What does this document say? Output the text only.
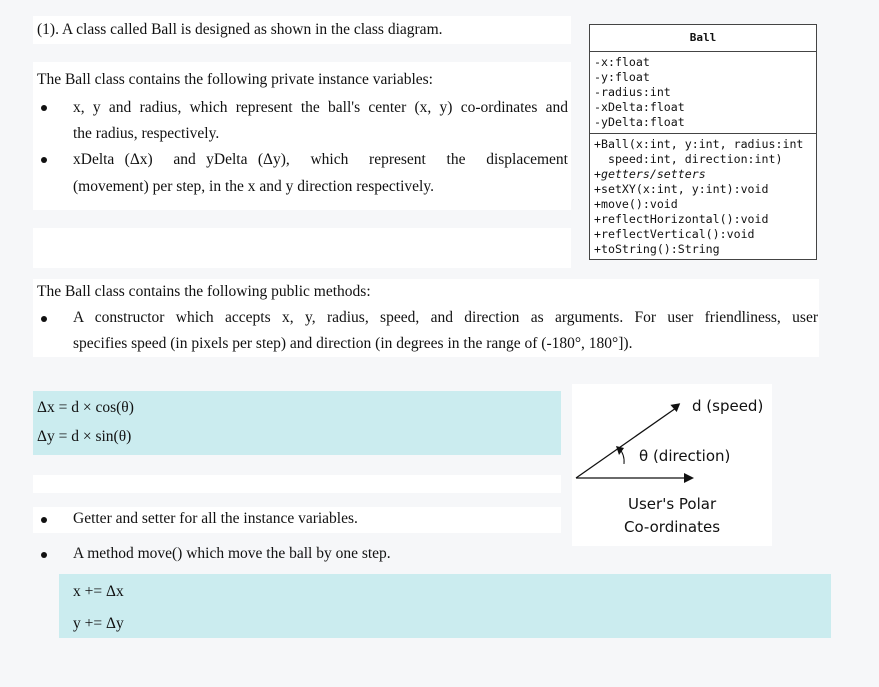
(1). A class called Ball is designed as shown in the class diagram.
The Ball class contains the following private instance variables:
x, y and radius, which represent the ball's center (x, y) co-ordinates and
the radius, respectively.
xDelta (Δx)  and yDelta (Δy),  which  represent  the  displacement
(movement) per step, in the x and y direction respectively.
Ball
-x:float
-y:float
-radius:int
-xDelta:float
-yDelta:float
+Ball(x:int, y:int, radius:int
speed:int, direction:int)
+getters/setters
+setXY(x:int, y:int):void
+move():void
+reflectHorizontal():void
+reflectVertical():void
+toString():String
The Ball class contains the following public methods:
A constructor which accepts x, y, radius, speed, and direction as arguments. For user friendliness, user
specifies speed (in pixels per step) and direction (in degrees in the range of (-180°, 180°]).
Δx = d × cos(θ)
Δy = d × sin(θ)
d (speed)
θ (direction)
User's Polar
Co-ordinates
Getter and setter for all the instance variables.
A method move() which move the ball by one step.
x += Δx
y += Δy
